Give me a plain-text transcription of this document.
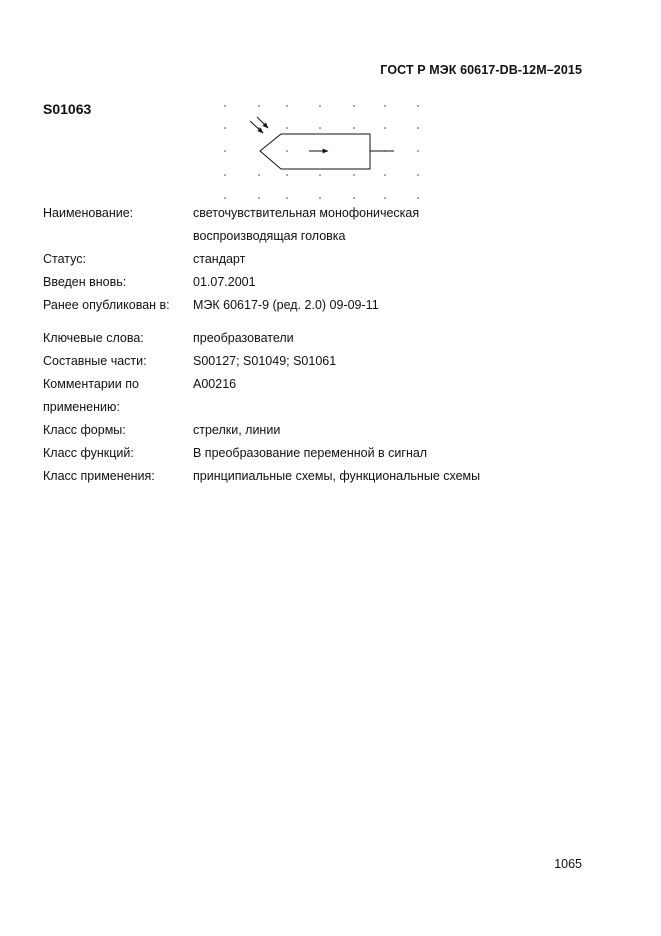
ГОСТ Р МЭК 60617-DB-12M–2015
S01063
Наименование:	светочувствительная монофоническая
воспроизводящая головка
Статус:	стандарт
Введен вновь:	01.07.2001
Ранее опубликован в:	МЭК 60617-9 (ред. 2.0) 09-09-11
Ключевые слова:	преобразователи
Составные части:	S00127; S01049; S01061
Комментарии по
применению:
A00216
Класс формы:	стрелки, линии
Класс функций:	В преобразование переменной в сигнал
Класс применения:	принципиальные схемы, функциональные схемы
1065
